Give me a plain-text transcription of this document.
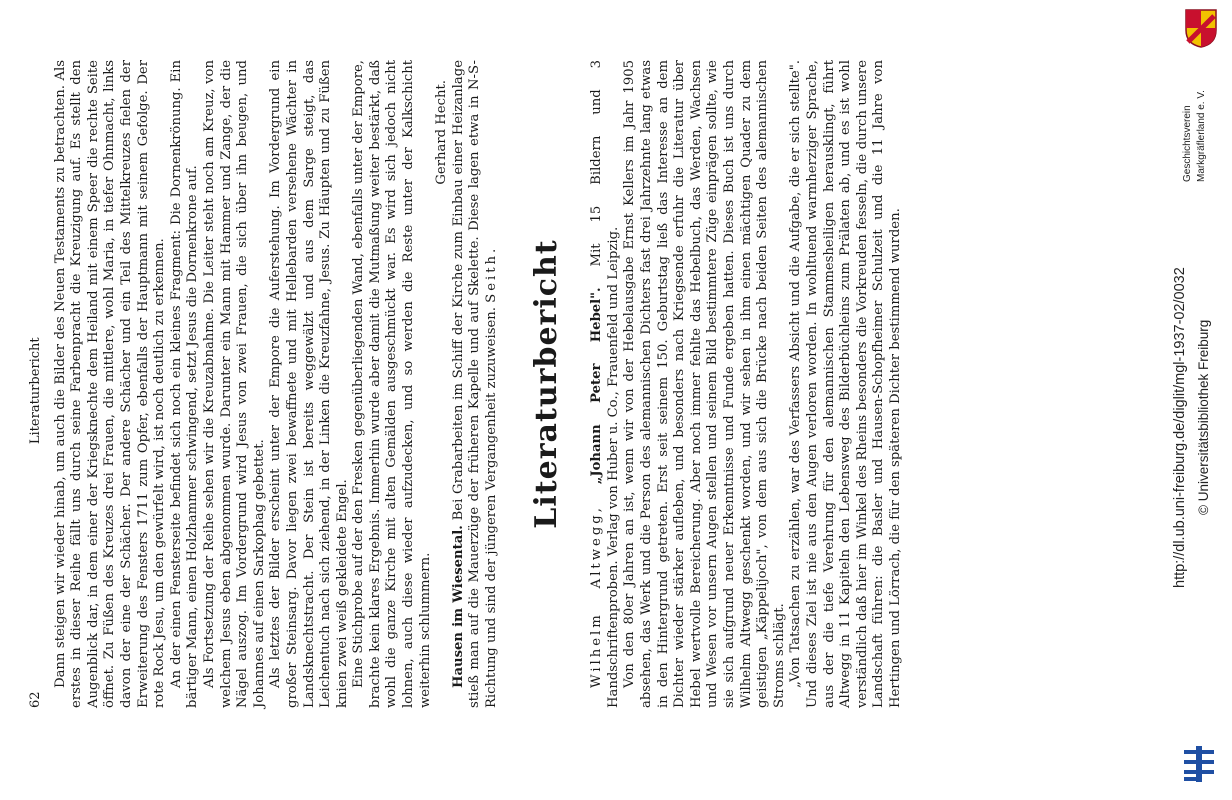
62
Literaturbericht Dann steigen wir wieder hinab, um auch die Bilder des Neuen Testaments zu betrachten. Als erstes in dieser Reihe fällt uns durch seine Farbenpracht die Kreuzigung auf. Es stellt den Augenblick dar, in dem einer der Kriegsknechte dem Heiland mit einem Speer die rechte Seite öffnet. Zu Füßen des Kreuzes drei Frauen, die mittlere, wohl Maria, in tiefer Ohnmacht, links davon der eine der Schächer. Der andere Schächer und ein Teil des Mittelkreuzes fielen der Erweiterung des Fensters 1711 zum Opfer, ebenfalls der Hauptmann mit seinem Gefolge. Der rote Rock Jesu, um den gewürfelt wird, ist noch deutlich zu erkennen. An der einen Fensterseite befindet sich noch ein kleines Fragment: Die Dornenkrönung. Ein bärtiger Mann, einen Holzhammer schwingend, setzt Jesus die Dornenkrone auf. Als Fortsetzung der Reihe sehen wir die Kreuzabnahme. Die Leiter steht noch am Kreuz, von welchem Jesus eben abgenommen wurde. Darunter ein Mann mit Hammer und Zange, der die Nägel auszog. Im Vordergrund wird Jesus von zwei Frauen, die sich über ihn beugen, und Johannes auf einen Sarkophag gebettet. Als letztes der Bilder erscheint unter der Empore die Auferstehung. Im Vordergrund ein großer Steinsarg. Davor liegen zwei bewaffnete und mit Hellebarden versehene Wächter in Landsknechtstracht. Der Stein ist bereits weggewälzt und aus dem Sarge steigt, das Leichentuch nach sich ziehend, in der Linken die Kreuzfahne, Jesus. Zu Häupten und zu Füßen knien zwei weiß gekleidete Engel. Eine Stichprobe auf der den Fresken gegenüberliegenden Wand, ebenfalls unter der Empore, brachte kein klares Ergebnis. Immerhin wurde aber damit die Mutmaßung weiter bestärkt, daß wohl die ganze Kirche mit alten Gemälden ausgeschmückt war. Es wird sich jedoch nicht lohnen, auch diese wieder aufzudecken, und so werden die Reste unter der Kalkschicht weiterhin schlummern.

Gerhard Hecht.

Hausen im Wiesental. Bei Grabarbeiten im Schiff der Kirche zum Einbau einer Heizanlage stieß man auf die Mauerzüge der früheren Kapelle und auf Skelette. Diese lagen etwa in N-S-Richtung und sind der jüngeren Vergangenheit zuzuweisen. Seith. Literaturbericht

Wilhelm Altwegg, „Johann Peter Hebel". Mit 15 Bildern und 3 Handschriftenproben. Verlag von Huber u. Co., Frauenfeld und Leipzig. Von den 80er Jahren an ist, wenn wir von der Hebelausgabe Ernst Kellers im Jahr 1905 absehen, das Werk und die Person des alemannischen Dichters fast drei Jahrzehnte lang etwas in den Hintergrund getreten. Erst seit seinem 150. Geburtstag ließ das Interesse an dem Dichter wieder stärker aufleben, und besonders nach Kriegsende erfuhr die Literatur über Hebel wertvolle Bereicherung. Aber noch immer fehlte das Hebelbuch, das Werden, Wachsen und Wesen vor unsern Augen stellen und seinem Bild bestimmtere Züge einprägen sollte, wie sie sich aufgrund neuer Erkenntnisse und Funde ergeben hatten. Dieses Buch ist uns durch Wilhelm Altwegg geschenkt worden, und wir sehen in ihm einen mächtigen Quader zu dem geistigen „Käppelijoch", von dem aus sich die Brücke nach beiden Seiten des alemannischen Stroms schlägt. „Von Tatsachen zu erzählen, war des Verfassers Absicht und die Aufgabe, die er sich stellte". Und dieses Ziel ist nie aus den Augen verloren worden. In wohltuend warmherziger Sprache, aus der die tiefe Verehrung für den alemannischen Stammesheiligen herausklingt, führt Altwegg in 11 Kapiteln den Lebensweg des Bilderbüchleins zum Prälaten ab, und es ist wohl verständlich daß hier im Winkel des Rheins besonders die Vorkreuden fesseln, die durch unsere Landschaft führen: die Basler und Hausen-Schopfheimer Schulzeit und die 11 Jahre von Hertingen und Lörrach, die für den späteren Dichter bestimmend wurden.

Geschichtsverein Markgräflerland e. V.
http://dl.ub.uni-freiburg.de/diglit/mgl-1937-02/0032 © Universitätsbibliothek Freiburg
